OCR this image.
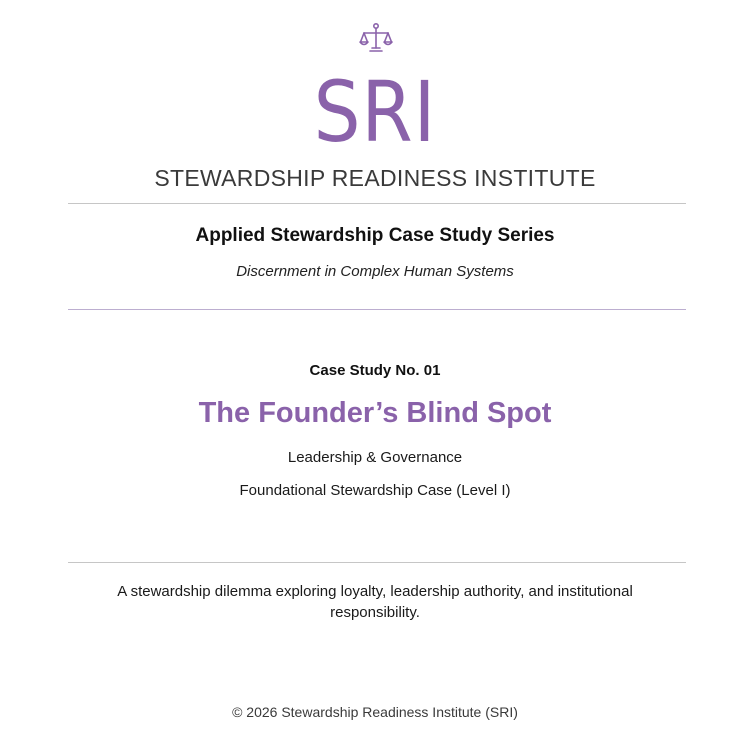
SRI
STEWARDSHIP READINESS INSTITUTE
Applied Stewardship Case Study Series
Discernment in Complex Human Systems
Case Study No. 01
The Founder’s Blind Spot
Leadership & Governance
Foundational Stewardship Case (Level I)
A stewardship dilemma exploring loyalty, leadership authority, and institutional responsibility.
© 2026 Stewardship Readiness Institute (SRI)
